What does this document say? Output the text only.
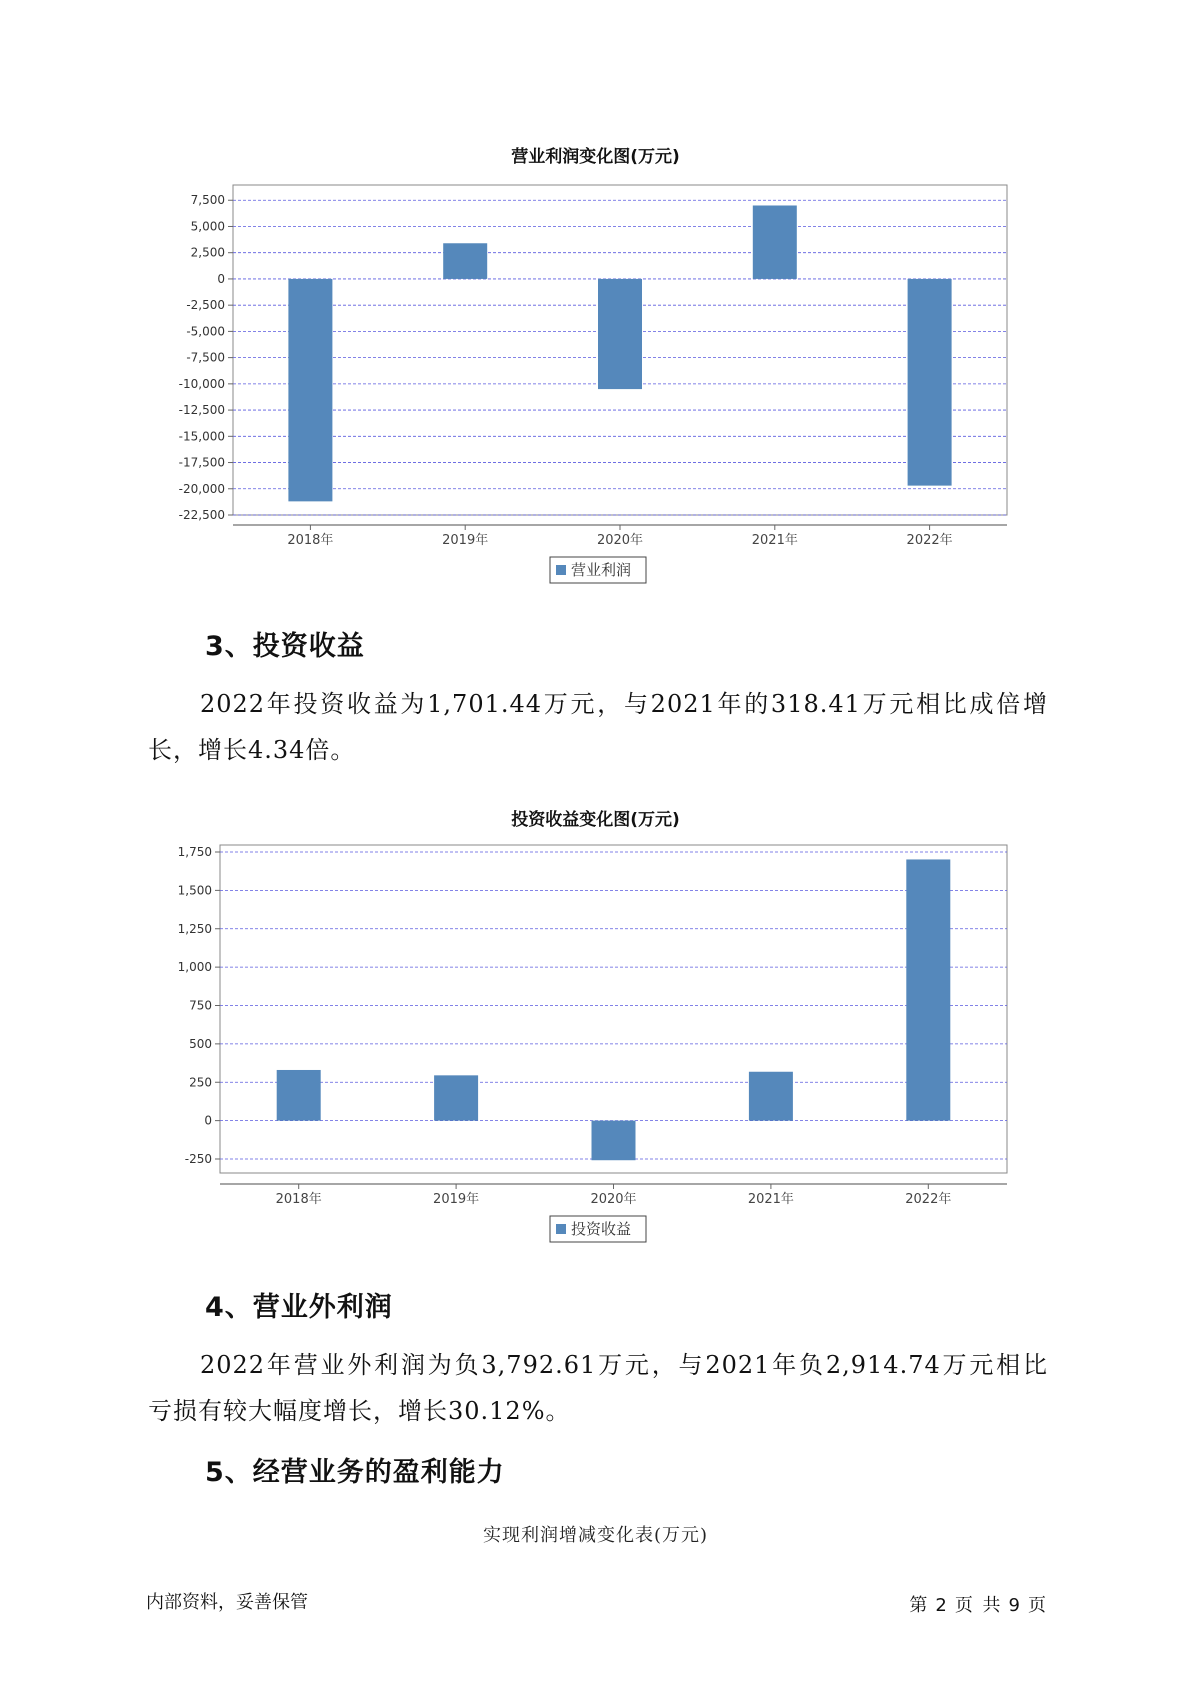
营业利润变化图(万元)
7,500
5,000
2,500
0
-2,500
-5,000
-7,500
-10,000
-12,500
-15,000
-17,500
-20,000
-22,500
2018年	2019年	2020年	2021年	2022年
营业利润
3、投资收益
2022年投资收益为1,701.44万元，与2021年的318.41万元相比成倍增
长，增长4.34倍。
投资收益变化图(万元)
1,750
1,500
1,250
1,000
750
500
250
0
-250
2018年	2019年	2020年	2021年	2022年
投资收益
4、营业外利润
2022年营业外利润为负3,792.61万元，与2021年负2,914.74万元相比
亏损有较大幅度增长，增长30.12%。
5、经营业务的盈利能力
实现利润增减变化表(万元)
内部资料，妥善保管	第 2 页 共 9 页
